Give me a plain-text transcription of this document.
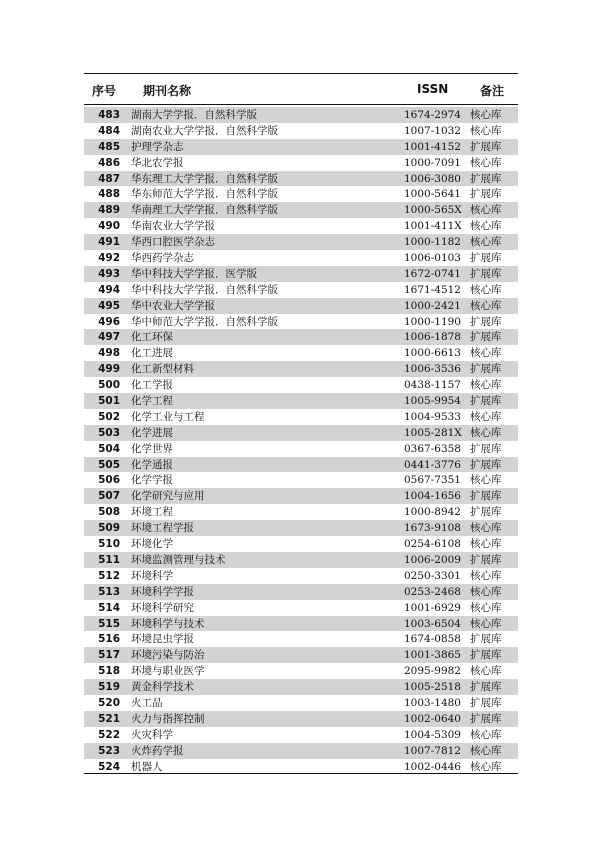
序号 期刊名称	ISSN	备注
483 湖南大学学报．自然科学版	1674-2974 核心库
484 湖南农业大学学报．自然科学版	1007-1032 核心库
485 护理学杂志	1001-4152 扩展库
486 华北农学报	1000-7091 核心库
487 华东理工大学学报．自然科学版	1006-3080 扩展库
488 华东师范大学学报．自然科学版	1000-5641 扩展库
489 华南理工大学学报．自然科学版	1000-565X 核心库
490 华南农业大学学报	1001-411X 核心库
491 华西口腔医学杂志	1000-1182 核心库
492 华西药学杂志	1006-0103 扩展库
493 华中科技大学学报．医学版	1672-0741 扩展库
494 华中科技大学学报．自然科学版	1671-4512 核心库
495 华中农业大学学报	1000-2421 核心库
496 华中师范大学学报．自然科学版	1000-1190 扩展库
497 化工环保	1006-1878 扩展库
498 化工进展	1000-6613 核心库
499 化工新型材料	1006-3536 扩展库
500 化工学报	0438-1157 核心库
501 化学工程	1005-9954 扩展库
502 化学工业与工程	1004-9533 核心库
503 化学进展	1005-281X 核心库
504 化学世界	0367-6358 扩展库
505 化学通报	0441-3776 扩展库
506 化学学报	0567-7351 核心库
507 化学研究与应用	1004-1656 扩展库
508 环境工程	1000-8942 扩展库
509 环境工程学报	1673-9108 核心库
510 环境化学	0254-6108 核心库
511 环境监测管理与技术	1006-2009 扩展库
512 环境科学	0250-3301 核心库
513 环境科学学报	0253-2468 核心库
514 环境科学研究	1001-6929 核心库
515 环境科学与技术	1003-6504 核心库
516 环境昆虫学报	1674-0858 扩展库
517 环境污染与防治	1001-3865 扩展库
518 环境与职业医学	2095-9982 核心库
519 黄金科学技术	1005-2518 扩展库
520 火工品	1003-1480 扩展库
521 火力与指挥控制	1002-0640 扩展库
522 火灾科学	1004-5309 核心库
523 火炸药学报	1007-7812 核心库
524 机器人	1002-0446 核心库
